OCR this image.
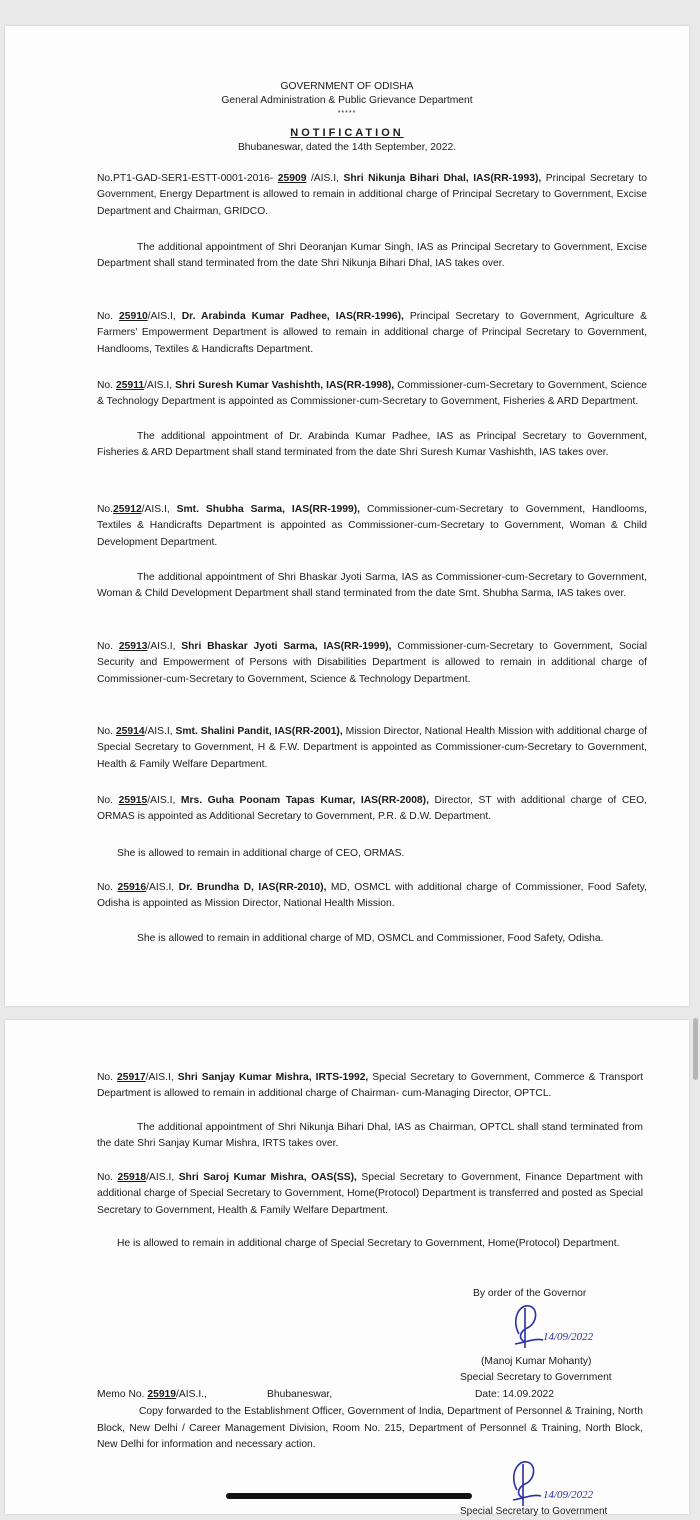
GOVERNMENT OF ODISHA
General Administration & Public Grievance Department
*****
NOTIFICATION
Bhubaneswar, dated the 14th September, 2022.
No.PT1-GAD-SER1-ESTT-0001-2016- 25909 /AIS.I, Shri Nikunja Bihari Dhal, IAS(RR-1993), Principal Secretary to Government, Energy Department is allowed to remain in additional charge of Principal Secretary to Government, Excise Department and Chairman, GRIDCO.
The additional appointment of Shri Deoranjan Kumar Singh, IAS as Principal Secretary to Government, Excise Department shall stand terminated from the date Shri Nikunja Bihari Dhal, IAS takes over.
No. 25910/AIS.I, Dr. Arabinda Kumar Padhee, IAS(RR-1996), Principal Secretary to Government, Agriculture & Farmers' Empowerment Department is allowed to remain in additional charge of Principal Secretary to Government, Handlooms, Textiles & Handicrafts Department.
No. 25911/AIS.I, Shri Suresh Kumar Vashishth, IAS(RR-1998), Commissioner-cum-Secretary to Government, Science & Technology Department is appointed as Commissioner-cum-Secretary to Government, Fisheries & ARD Department.
The additional appointment of Dr. Arabinda Kumar Padhee, IAS as Principal Secretary to Government, Fisheries & ARD Department shall stand terminated from the date Shri Suresh Kumar Vashishth, IAS takes over.
No.25912/AIS.I, Smt. Shubha Sarma, IAS(RR-1999), Commissioner-cum-Secretary to Government, Handlooms, Textiles & Handicrafts Department is appointed as Commissioner-cum-Secretary to Government, Woman & Child Development Department.
The additional appointment of Shri Bhaskar Jyoti Sarma, IAS as Commissioner-cum-Secretary to Government, Woman & Child Development Department shall stand terminated from the date Smt. Shubha Sarma, IAS takes over.
No. 25913/AIS.I, Shri Bhaskar Jyoti Sarma, IAS(RR-1999), Commissioner-cum-Secretary to Government, Social Security and Empowerment of Persons with Disabilities Department is allowed to remain in additional charge of Commissioner-cum-Secretary to Government, Science & Technology Department.
No. 25914/AIS.I, Smt. Shalini Pandit, IAS(RR-2001), Mission Director, National Health Mission with additional charge of Special Secretary to Government, H & F.W. Department is appointed as Commissioner-cum-Secretary to Government, Health & Family Welfare Department.
No. 25915/AIS.I, Mrs. Guha Poonam Tapas Kumar, IAS(RR-2008), Director, ST with additional charge of CEO, ORMAS is appointed as Additional Secretary to Government, P.R. & D.W. Department.
She is allowed to remain in additional charge of CEO, ORMAS.
No. 25916/AIS.I, Dr. Brundha D, IAS(RR-2010), MD, OSMCL with additional charge of Commissioner, Food Safety, Odisha is appointed as Mission Director, National Health Mission.
She is allowed to remain in additional charge of MD, OSMCL and Commissioner, Food Safety, Odisha.
No. 25917/AIS.I, Shri Sanjay Kumar Mishra, IRTS-1992, Special Secretary to Government, Commerce & Transport Department is allowed to remain in additional charge of Chairman- cum-Managing Director, OPTCL.
The additional appointment of Shri Nikunja Bihari Dhal, IAS as Chairman, OPTCL shall stand terminated from the date Shri Sanjay Kumar Mishra, IRTS takes over.
No. 25918/AIS.I, Shri Saroj Kumar Mishra, OAS(SS), Special Secretary to Government, Finance Department with additional charge of Special Secretary to Government, Home(Protocol) Department is transferred and posted as Special Secretary to Government, Health & Family Welfare Department.
He is allowed to remain in additional charge of Special Secretary to Government, Home(Protocol) Department.
By order of the Governor
14/09/2022
(Manoj Kumar Mohanty)
Special Secretary to Government
Memo No. 25919/AIS.I.,	Bhubaneswar,	Date: 14.09.2022
Copy forwarded to the Establishment Officer, Government of India, Department of Personnel & Training, North Block, New Delhi / Career Management Division, Room No. 215, Department of Personnel & Training, North Block, New Delhi for information and necessary action.
14/09/2022
Special Secretary to Government
